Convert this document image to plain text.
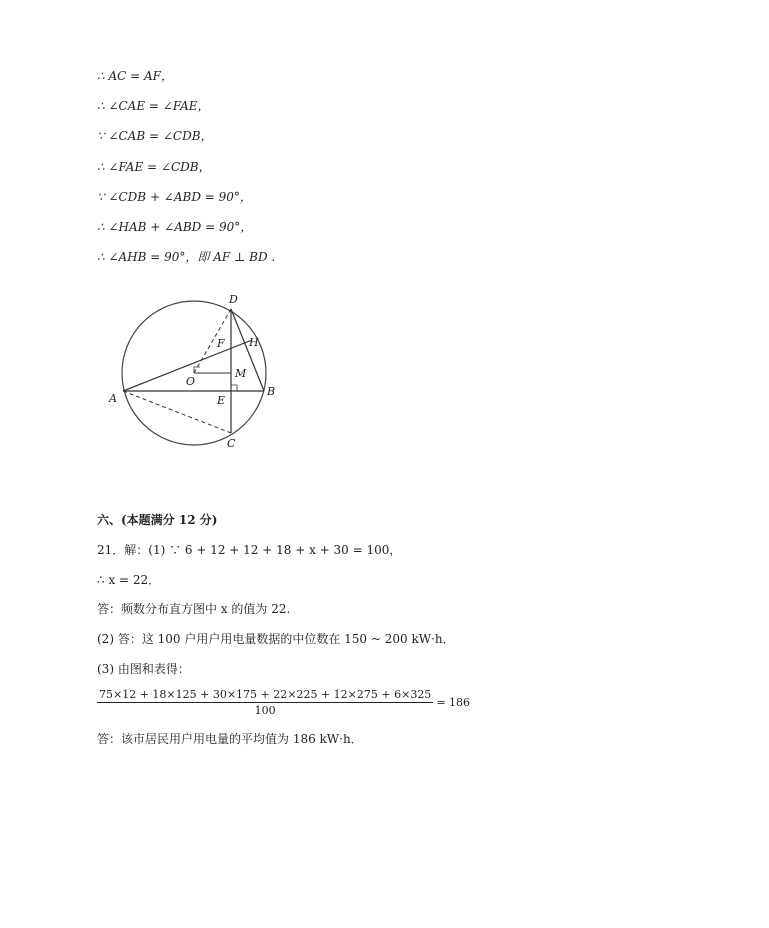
∴ AC = AF，
∴ ∠CAE = ∠FAE，
∵ ∠CAB = ∠CDB，
∴ ∠FAE = ∠CDB，
∵ ∠CDB + ∠ABD = 90°，
∴ ∠HAB + ∠ABD = 90°，
∴ ∠AHB = 90°，即 AF ⊥ BD .
D
F H
M
O
A	E
B
C
六、(本题满分 12 分)
21．解：(1) ∵ 6 + 12 + 12 + 18 + x + 30 = 100，
∴ x = 22．
答：频数分布直方图中 x 的值为 22.
(2) 答：这 100 户用户用电量数据的中位数在 150 ~ 200 kW·h．
(3) 由图和表得：
$\frac{75\times 12 + 18\times 125 + 30\times 175 + 22\times 225 + 12\times 275 + 6\times 325}{100} = 186$
答：该市居民用户用电量的平均值为 186 kW·h．
